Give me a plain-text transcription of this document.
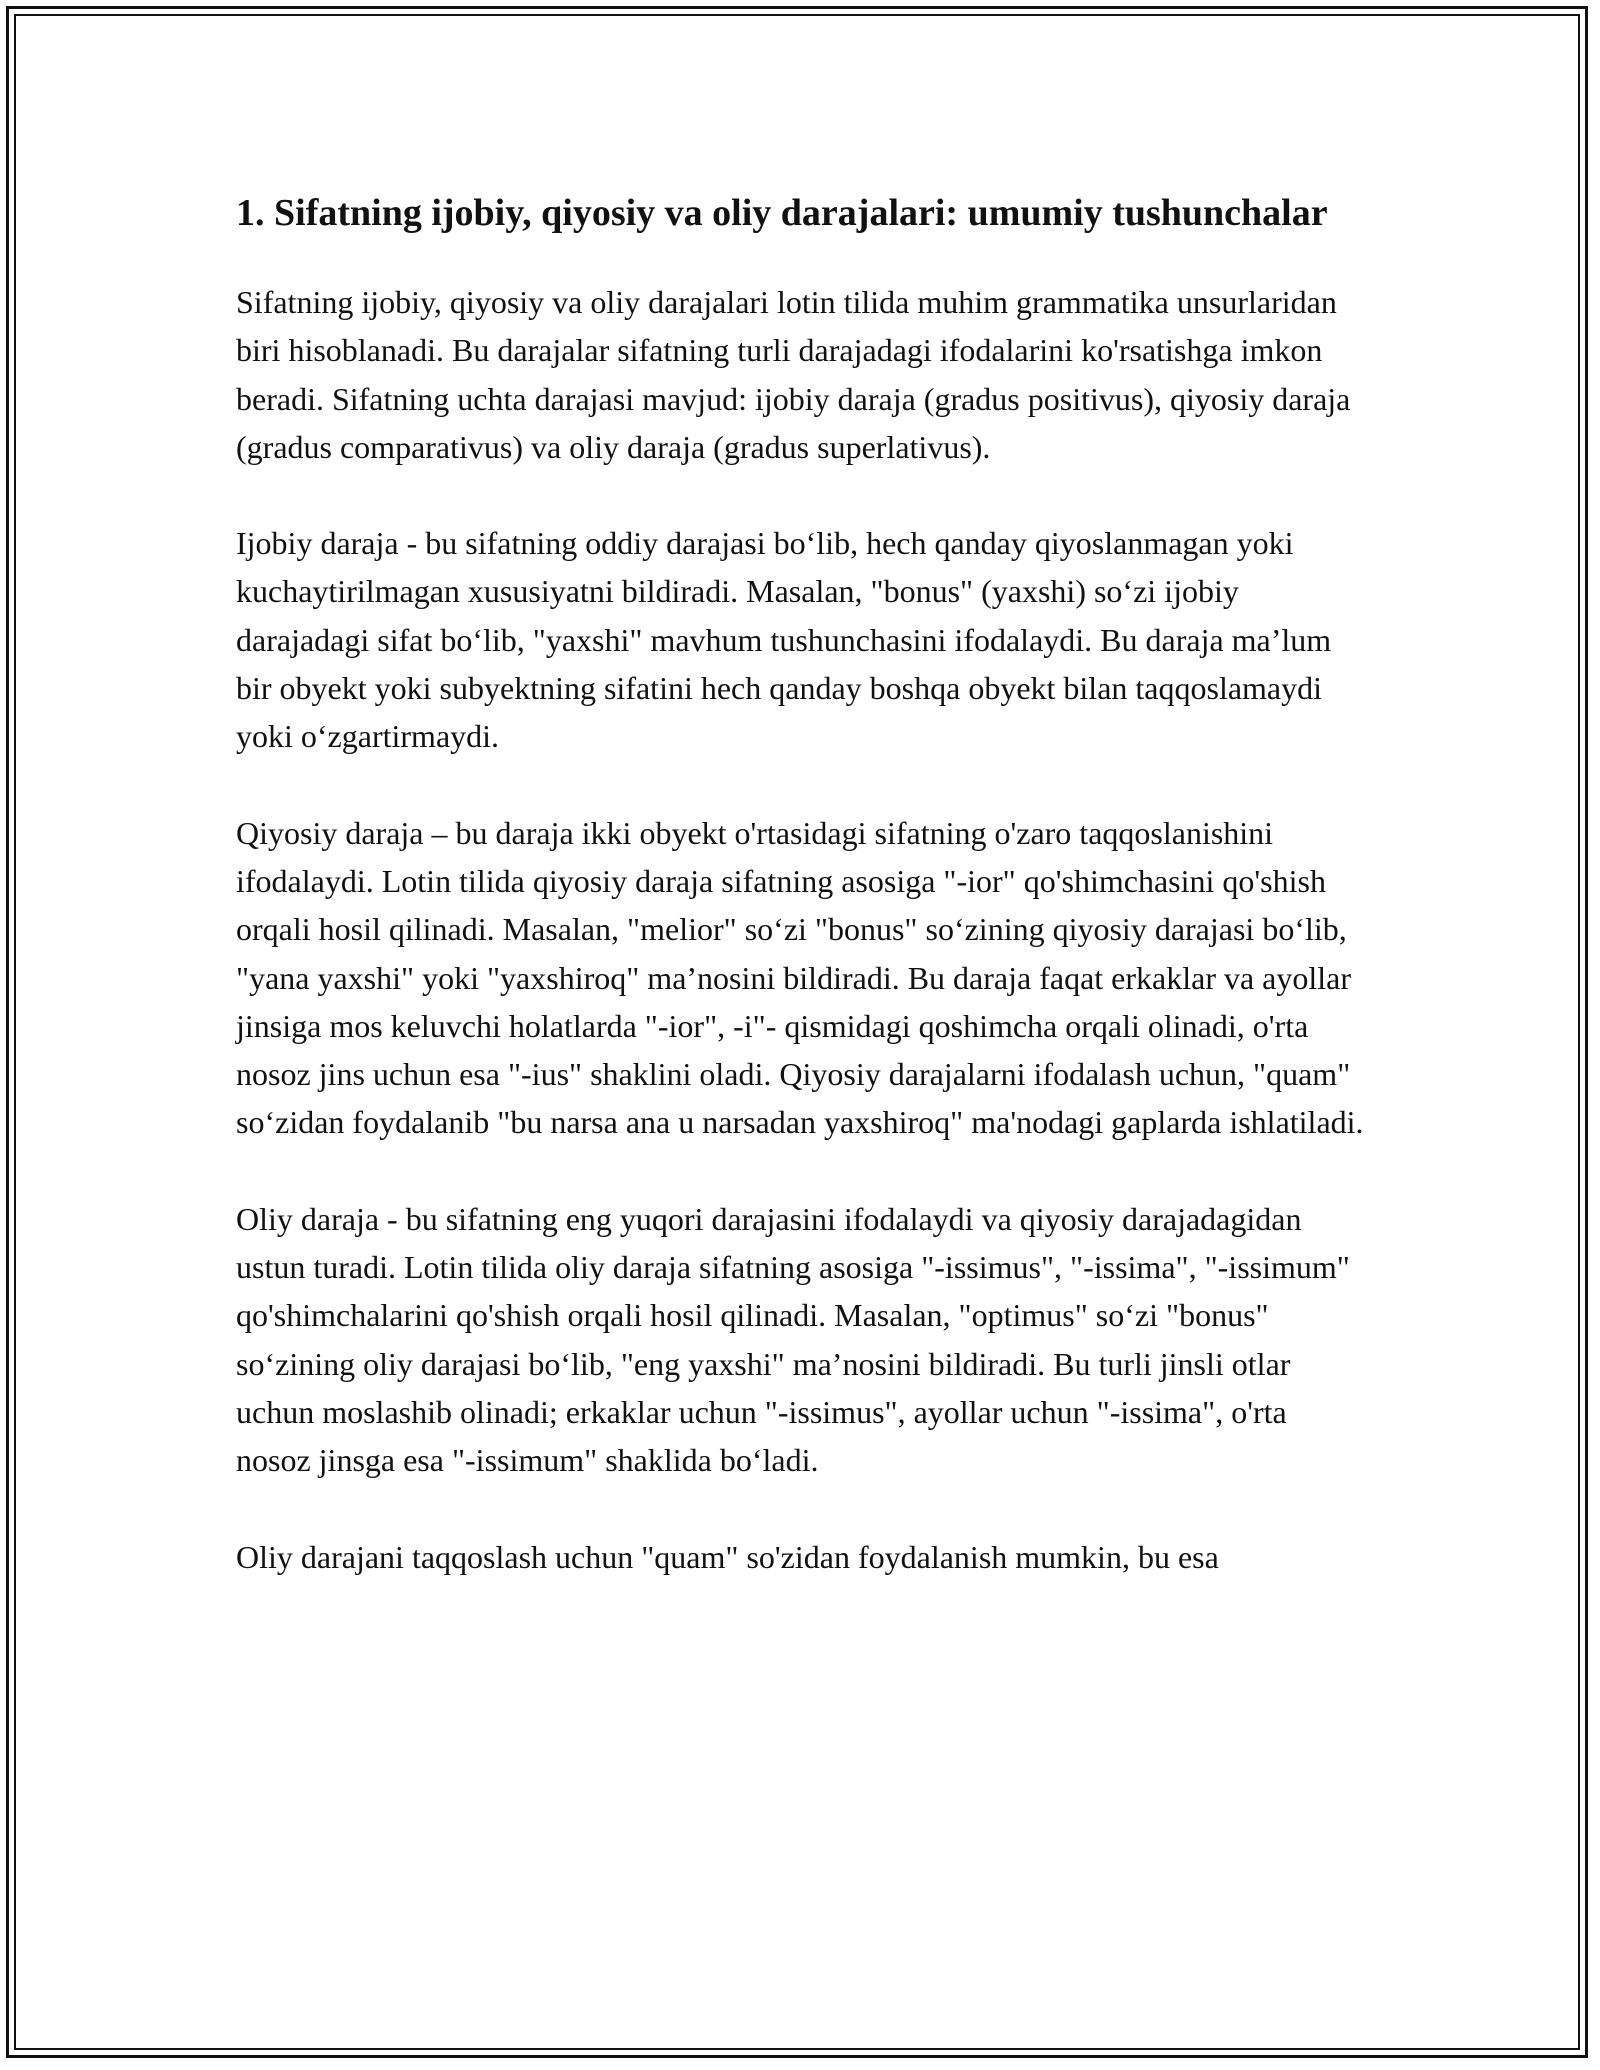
1. Sifatning ijobiy, qiyosiy va oliy darajalari: umumiy tushunchalar

Sifatning ijobiy, qiyosiy va oliy darajalari lotin tilida muhim grammatika unsurlaridan biri hisoblanadi. Bu darajalar sifatning turli darajadagi ifodalarini ko'rsatishga imkon beradi. Sifatning uchta darajasi mavjud: ijobiy daraja (gradus positivus), qiyosiy daraja (gradus comparativus) va oliy daraja (gradus superlativus).

Ijobiy daraja - bu sifatning oddiy darajasi bo‘lib, hech qanday qiyoslanmagan yoki kuchaytirilmagan xususiyatni bildiradi. Masalan, "bonus" (yaxshi) so‘zi ijobiy darajadagi sifat bo‘lib, "yaxshi" mavhum tushunchasini ifodalaydi. Bu daraja ma’lum bir obyekt yoki subyektning sifatini hech qanday boshqa obyekt bilan taqqoslamaydi yoki o‘zgartirmaydi.

Qiyosiy daraja – bu daraja ikki obyekt o'rtasidagi sifatning o'zaro taqqoslanishini ifodalaydi. Lotin tilida qiyosiy daraja sifatning asosiga "-ior" qo'shimchasini qo'shish orqali hosil qilinadi. Masalan, "melior" so‘zi "bonus" so‘zining qiyosiy darajasi bo‘lib, "yana yaxshi" yoki "yaxshiroq" ma’nosini bildiradi. Bu daraja faqat erkaklar va ayollar jinsiga mos keluvchi holatlarda "-ior", -i"- qismidagi qoshimcha orqali olinadi, o'rta nosoz jins uchun esa "-ius" shaklini oladi. Qiyosiy darajalarni ifodalash uchun, "quam" so‘zidan foydalanib "bu narsa ana u narsadan yaxshiroq" ma'nodagi gaplarda ishlatiladi.

Oliy daraja - bu sifatning eng yuqori darajasini ifodalaydi va qiyosiy darajadagidan ustun turadi. Lotin tilida oliy daraja sifatning asosiga "-issimus", "-issima", "-issimum" qo'shimchalarini qo'shish orqali hosil qilinadi. Masalan, "optimus" so‘zi "bonus" so‘zining oliy darajasi bo‘lib, "eng yaxshi" ma’nosini bildiradi. Bu turli jinsli otlar uchun moslashib olinadi; erkaklar uchun "-issimus", ayollar uchun "-issima", o'rta nosoz jinsga esa "-issimum" shaklida bo‘ladi.

Oliy darajani taqqoslash uchun "quam" so'zidan foydalanish mumkin, bu esa
